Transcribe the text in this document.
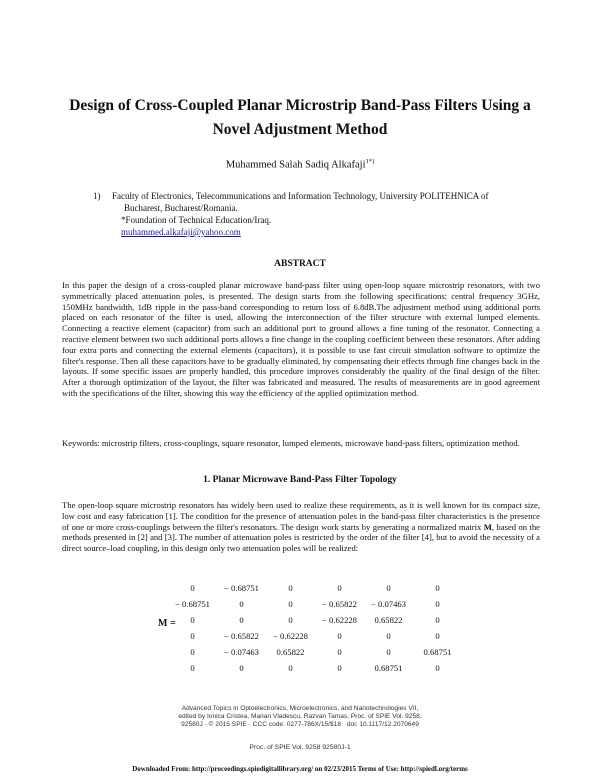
Design of Cross-Coupled Planar Microstrip Band-Pass Filters Using a
Novel Adjustment Method
Muhammed Salah Sadiq Alkafaji$^{1*)}$
1) Faculty of Electronics, Telecommunications and Information Technology, University POLITEHNICA of
Bucharest, Bucharest/Romania.
*Foundation of Technical Education/Iraq.
muhammed.alkafaji@yahoo.com
ABSTRACT
In this paper the design of a cross-coupled planar microwave band-pass filter using open-loop square microstrip resonators, with two symmetrically placed attenuation poles, is presented. The design starts from the following specifications: central frequency 3GHz, 150MHz bandwidth, 1dB ripple in the pass-band corresponding to return loss of 6.8dB.The adjustment method using additional ports placed on each resonator of the filter is used, allowing the interconnection of the filter structure with external lumped elements. Connecting a reactive element (capacitor) from such an additional port to ground allows a fine tuning of the resonator. Connecting a reactive element between two such additional ports allows a fine change in the coupling coefficient between these resonators. After adding four extra ports and connecting the external elements (capacitors), it is possible to use fast circuit simulation software to optimize the filter's response. Then all these capacitors have to be gradually eliminated, by compensating their effects through fine changes back in the layouts. If some specific issues are properly handled, this procedure improves considerably the quality of the final design of the filter. After a thorough optimization of the layout, the filter was fabricated and measured. The results of measurements are in good agreement with the specifications of the filter, showing this way the efficiency of the applied optimization method.
Keywords: microstrip filters, cross-couplings, square resonator, lumped elements, microwave band-pass filters, optimization method.
1. Planar Microwave Band-Pass Filter Topology
The open-loop square microstrip resonators has widely been used to realize these requirements, as it is well known for its compact size, low cost and easy fabrication [1]. The condition for the presence of attenuation poles in the band-pass filter characteristics is the presence of one or more cross-couplings between the filter's resonators. The design work starts by generating a normalized matrix M, based on the methods presented in [2] and [3]. The number of attenuation poles is restricted by the order of the filter [4], but to avoid the necessity of a direct source–load coupling, in this design only two attenuation poles will be realized:
M =
0	− 0.68751	0	0	0	0
− 0.68751	0	0	− 0.65822	− 0.07463	0
0	0	0	− 0.62228	0.65822	0
0	− 0.65822	− 0.62228	0	0	0
0	− 0.07463	0.65822	0	0	0.68751
0	0	0	0	0.68751	0
Advanced Topics in Optoelectronics, Microelectronics, and Nanotechnologies VII,
edited by Ionica Cristea, Marian Vladescu, Razvan Tamas, Proc. of SPIE Vol. 9258,
92580J · © 2015 SPIE · CCC code: 0277-786X/15/$18 · doi: 10.1117/12.2070649
Proc. of SPIE Vol. 9258 92580J-1
Downloaded From: http://proceedings.spiedigitallibrary.org/ on 02/23/2015 Terms of Use: http://spiedl.org/terms
